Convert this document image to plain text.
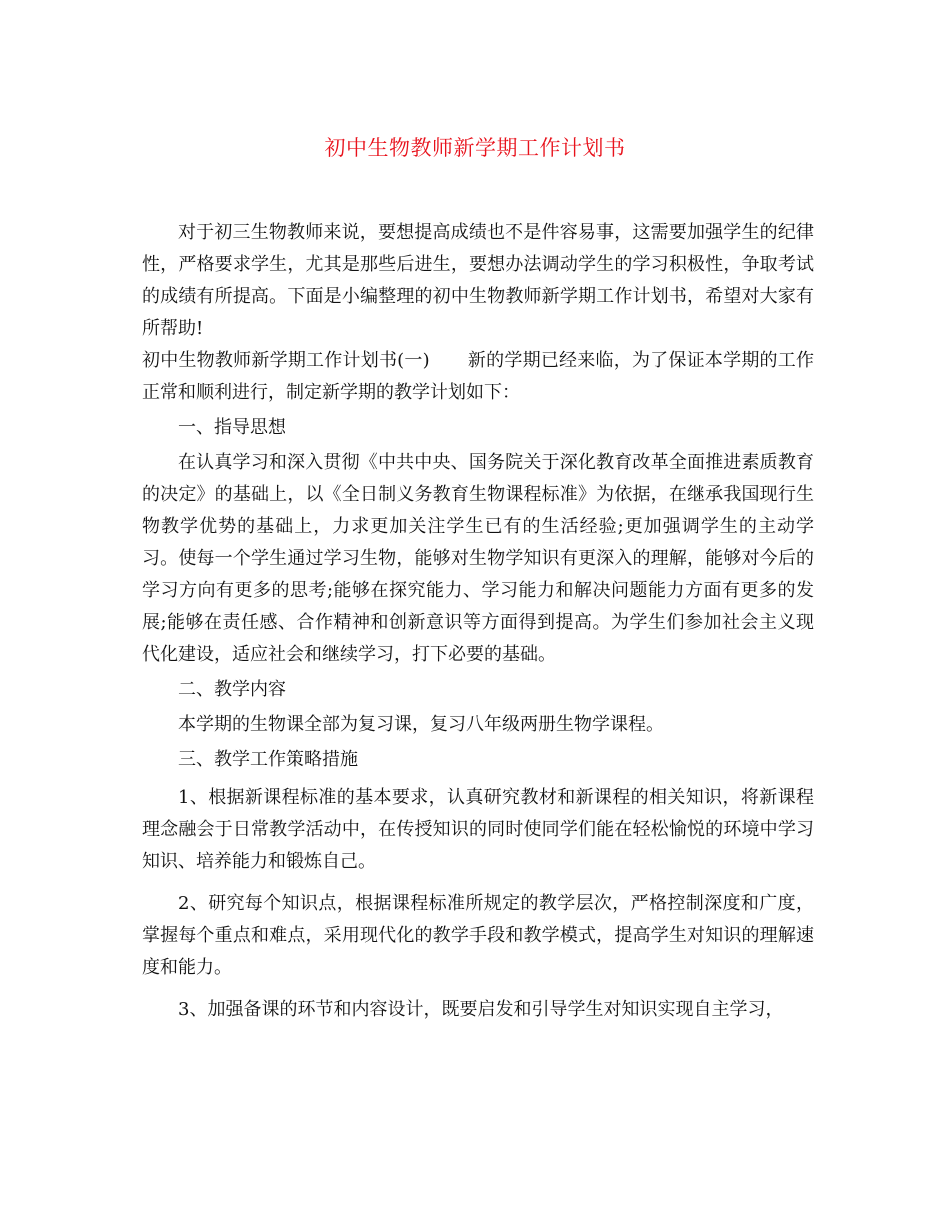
初中生物教师新学期工作计划书

对于初三生物教师来说，要想提高成绩也不是件容易事，这需要加强学生的纪律性，严格要求学生，尤其是那些后进生，要想办法调动学生的学习积极性，争取考试的成绩有所提高。下面是小编整理的初中生物教师新学期工作计划书，希望对大家有所帮助!

初中生物教师新学期工作计划书(一) 新的学期已经来临，为了保证本学期的工作正常和顺利进行，制定新学期的教学计划如下：

一、指导思想

在认真学习和深入贯彻《中共中央、国务院关于深化教育改革全面推进素质教育的决定》的基础上，以《全日制义务教育生物课程标准》为依据，在继承我国现行生物教学优势的基础上，力求更加关注学生已有的生活经验;更加强调学生的主动学习。使每一个学生通过学习生物，能够对生物学知识有更深入的理解，能够对今后的学习方向有更多的思考;能够在探究能力、学习能力和解决问题能力方面有更多的发展;能够在责任感、合作精神和创新意识等方面得到提高。为学生们参加社会主义现代化建设，适应社会和继续学习，打下必要的基础。

二、教学内容

本学期的生物课全部为复习课，复习八年级两册生物学课程。

三、教学工作策略措施

1、根据新课程标准的基本要求，认真研究教材和新课程的相关知识，将新课程理念融会于日常教学活动中，在传授知识的同时使同学们能在轻松愉悦的环境中学习知识、培养能力和锻炼自己。

2、研究每个知识点，根据课程标准所规定的教学层次，严格控制深度和广度，掌握每个重点和难点，采用现代化的教学手段和教学模式，提高学生对知识的理解速度和能力。

3、加强备课的环节和内容设计，既要启发和引导学生对知识实现自主学习，
